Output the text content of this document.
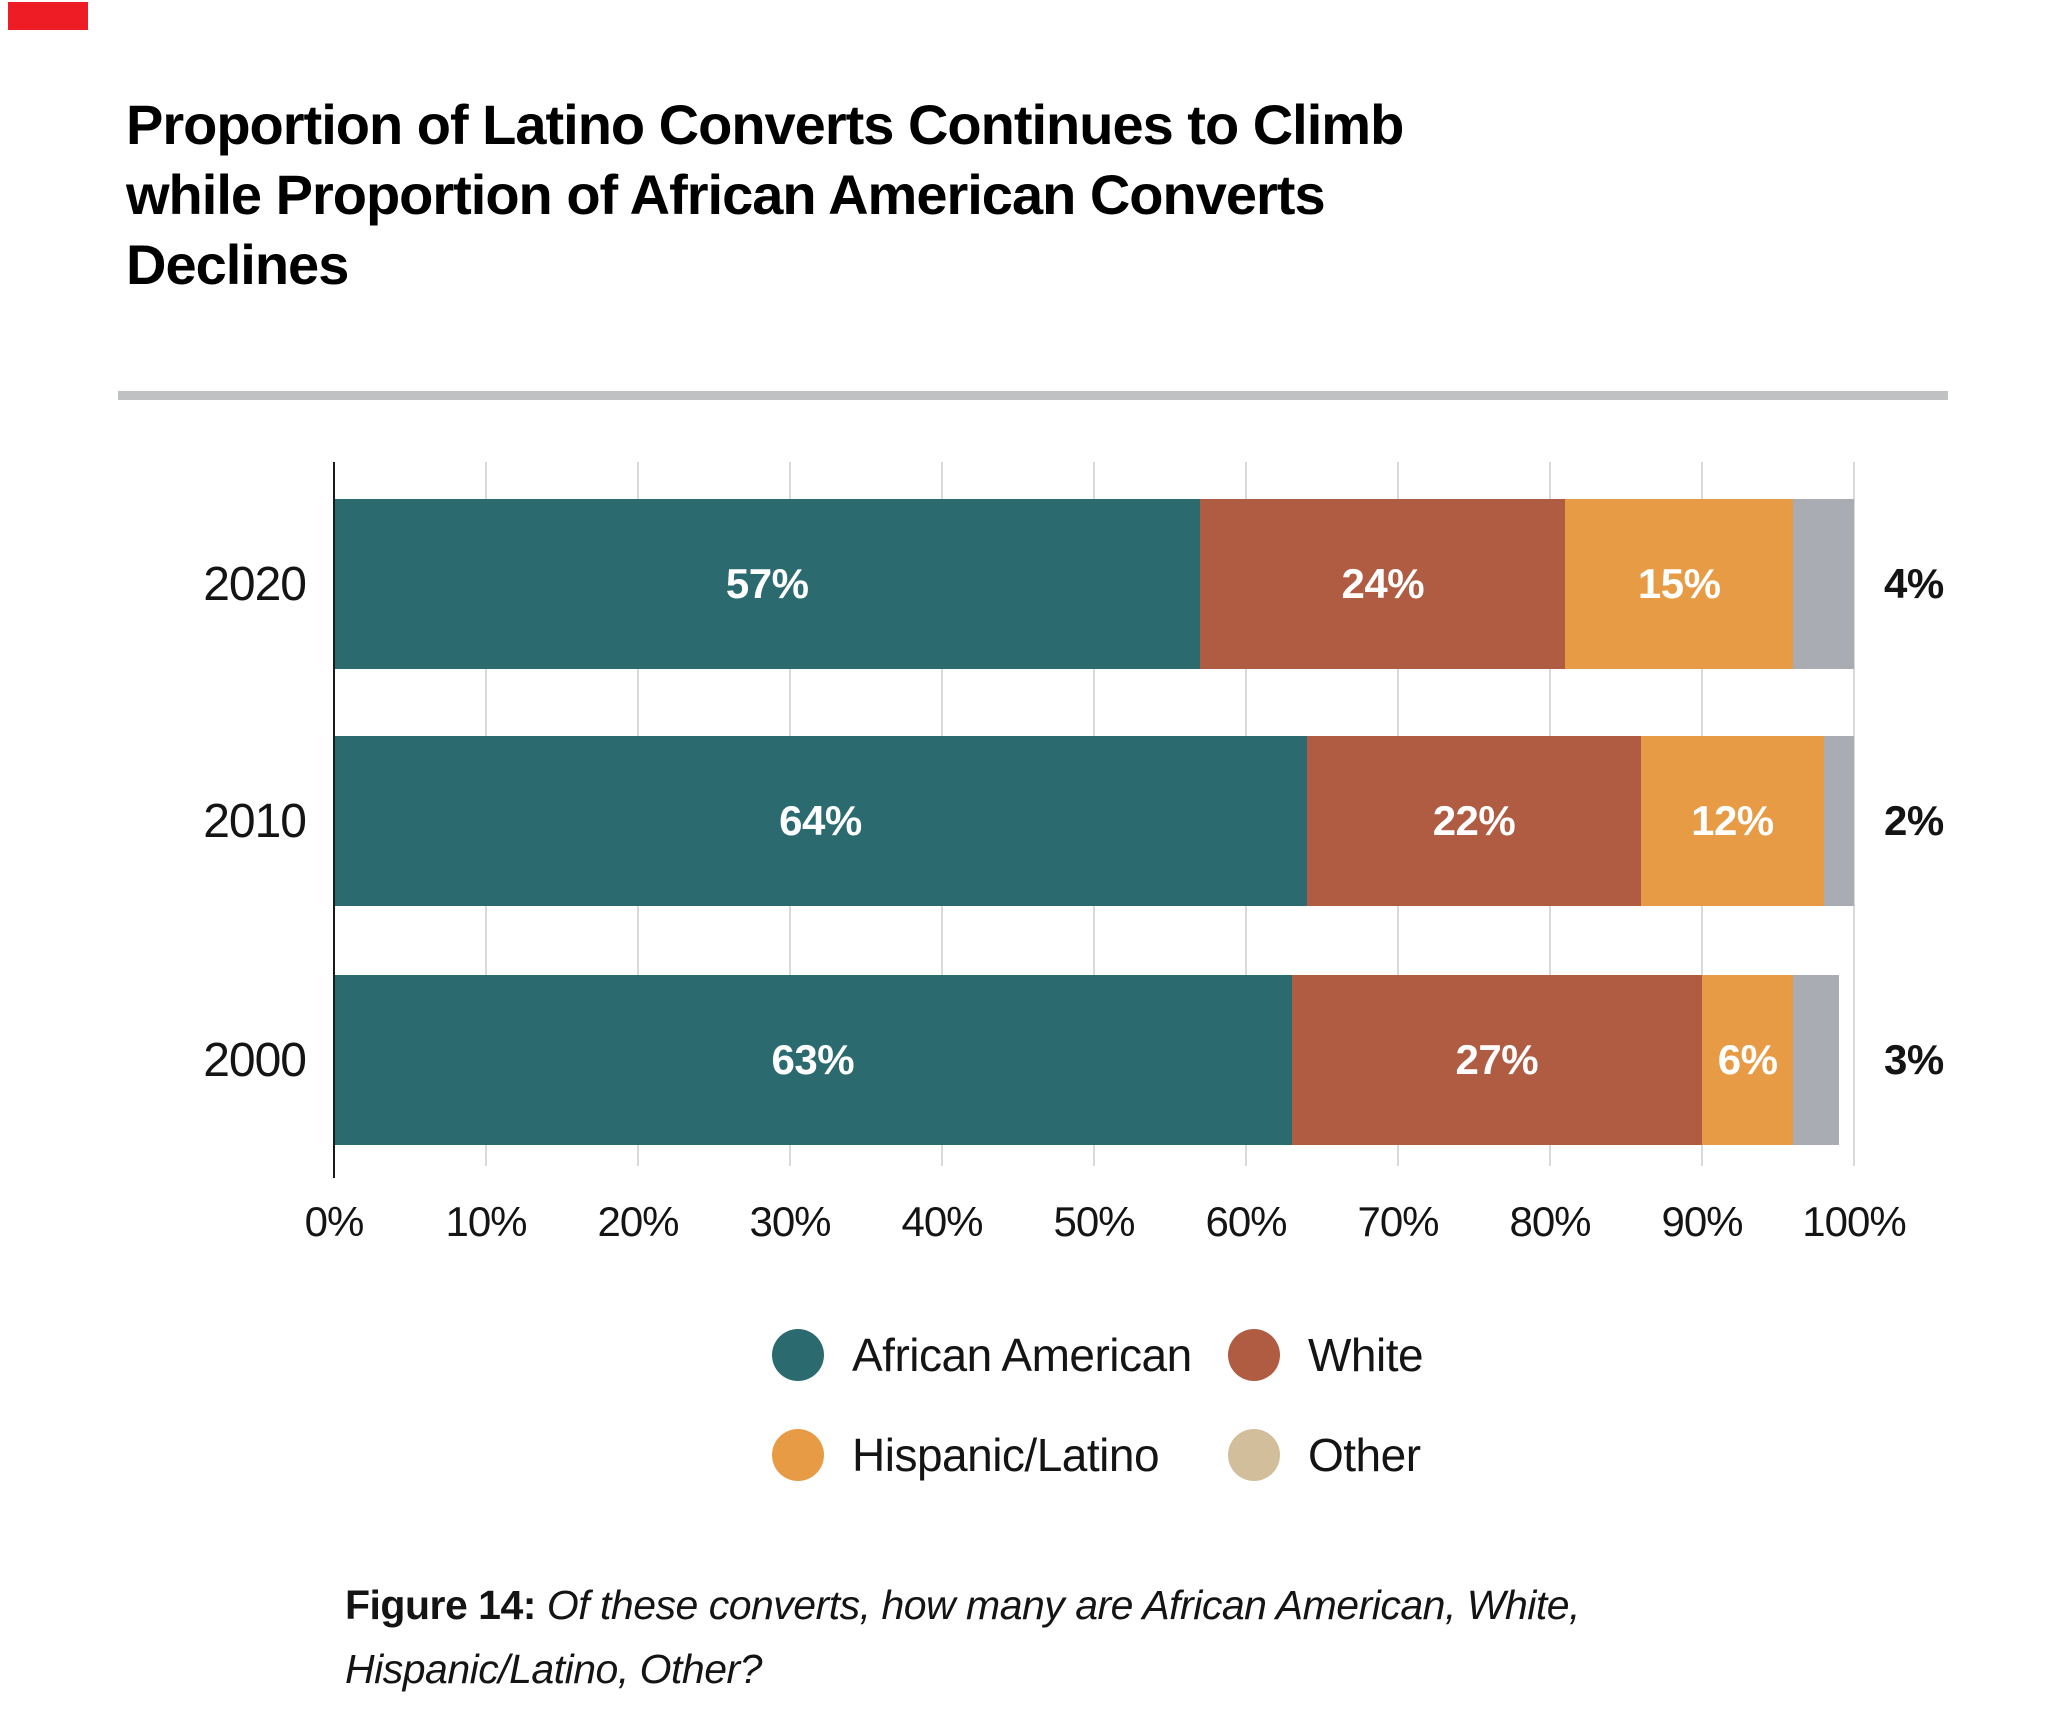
Proportion of Latino Converts Continues to Climb
while Proportion of African American Converts
Declines
57%	24%	15%
2020	4%
64%	22%	12%
2010	2%
63%	27%	6%
2000	3%
0% 10% 20% 30% 40% 50% 60% 70% 80% 90% 100%
African American	White
Hispanic/Latino	Other

Figure 14: Of these converts, how many are African American, White, Hispanic/Latino, Other?
